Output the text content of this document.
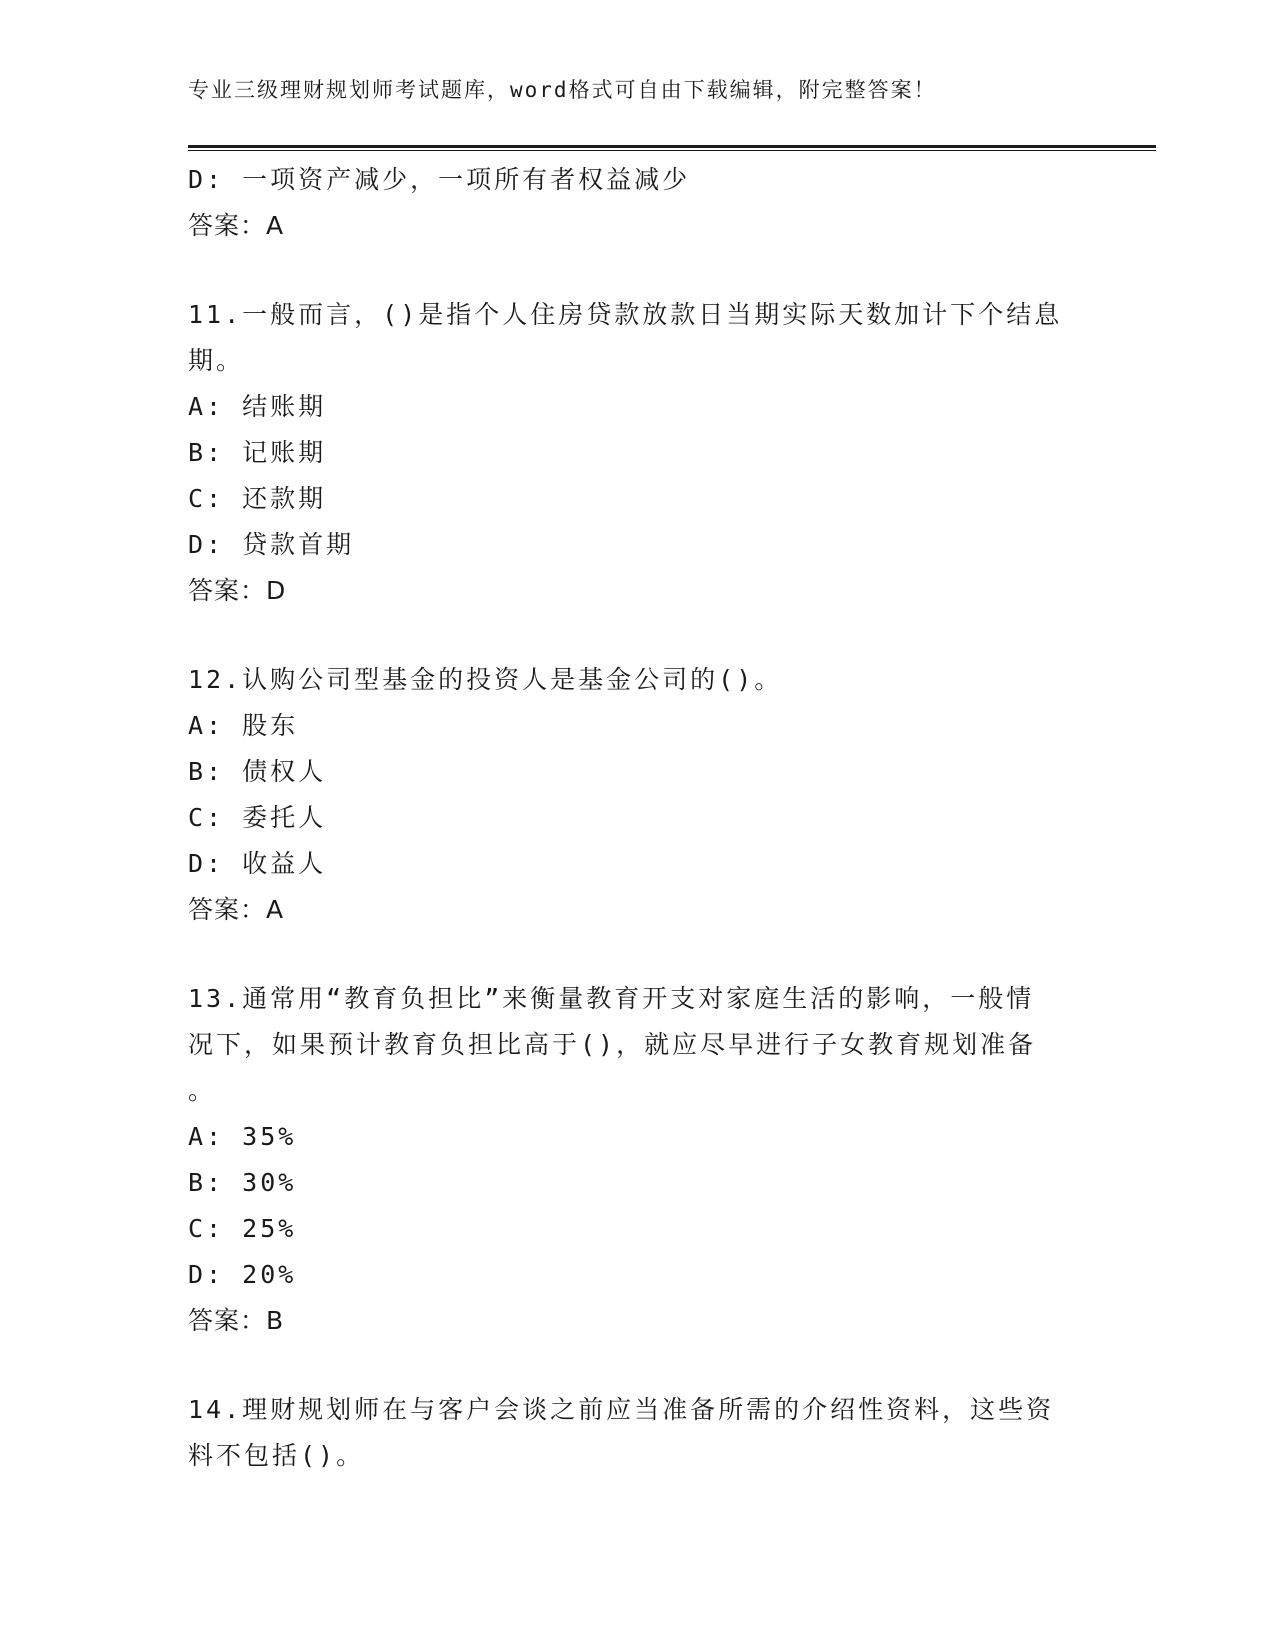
专业三级理财规划师考试题库，word格式可自由下载编辑，附完整答案！
D: 一项资产减少，一项所有者权益减少
答案：A
11.一般而言，()是指个人住房贷款放款日当期实际天数加计下个结息
期。
A: 结账期
B: 记账期
C: 还款期
D: 贷款首期
答案：D
12.认购公司型基金的投资人是基金公司的()。
A: 股东
B: 债权人
C: 委托人
D: 收益人
答案：A
13.通常用“教育负担比”来衡量教育开支对家庭生活的影响，一般情
况下，如果预计教育负担比高于()，就应尽早进行子女教育规划准备
。
A: 35%
B: 30%
C: 25%
D: 20%
答案：B
14.理财规划师在与客户会谈之前应当准备所需的介绍性资料，这些资
料不包括()。
